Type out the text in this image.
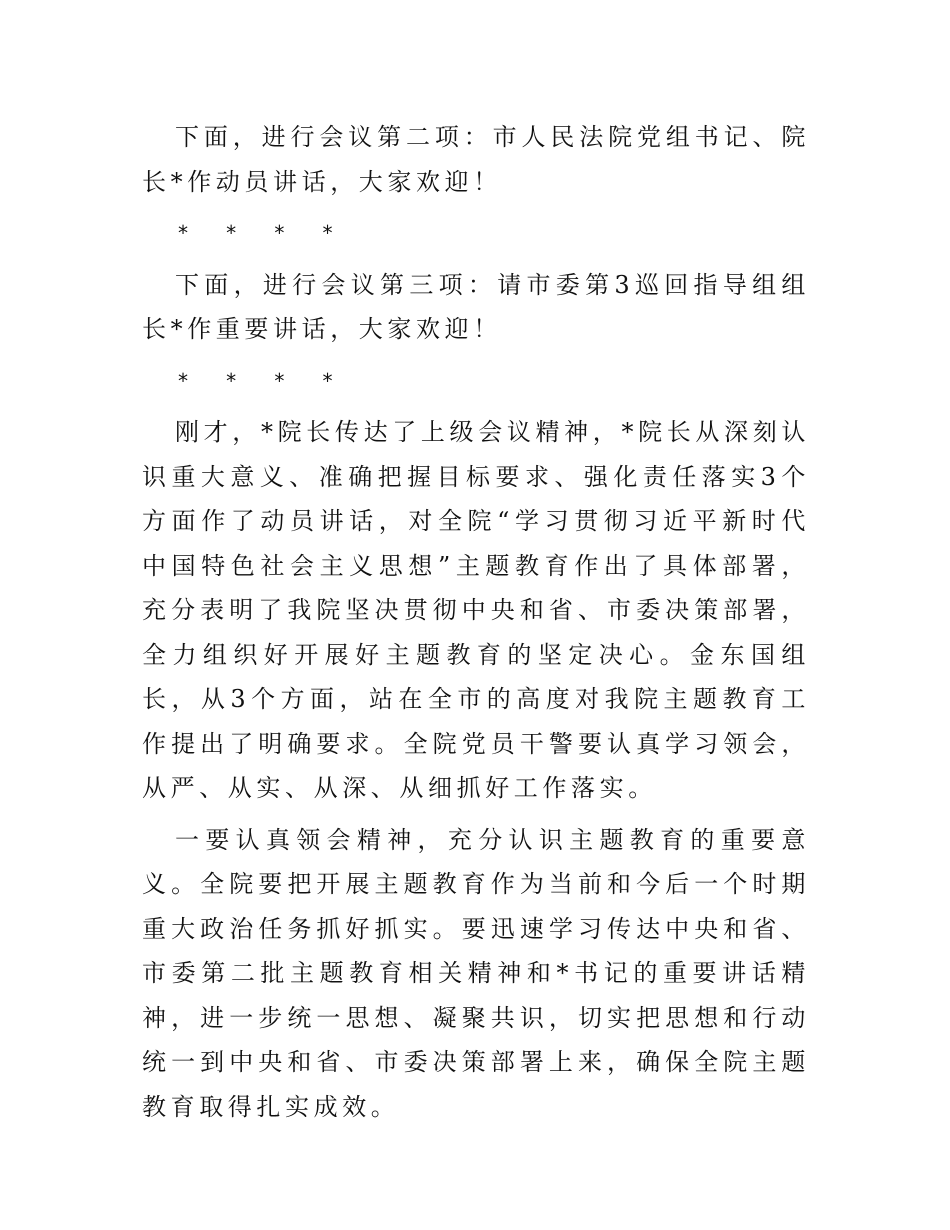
下面，进行会议第二项：市人民法院党组书记、院长*作动员讲话，大家欢迎！

*   *   *   *

下面，进行会议第三项：请市委第3巡回指导组组长*作重要讲话，大家欢迎！

*   *   *   *

刚才，*院长传达了上级会议精神，*院长从深刻认识重大意义、准确把握目标要求、强化责任落实3个方面作了动员讲话，对全院“学习贯彻习近平新时代中国特色社会主义思想”主题教育作出了具体部署，充分表明了我院坚决贯彻中央和省、市委决策部署，全力组织好开展好主题教育的坚定决心。金东国组长，从3个方面，站在全市的高度对我院主题教育工作提出了明确要求。全院党员干警要认真学习领会，从严、从实、从深、从细抓好工作落实。

一要认真领会精神，充分认识主题教育的重要意义。全院要把开展主题教育作为当前和今后一个时期重大政治任务抓好抓实。要迅速学习传达中央和省、市委第二批主题教育相关精神和*书记的重要讲话精神，进一步统一思想、凝聚共识，切实把思想和行动统一到中央和省、市委决策部署上来，确保全院主题教育取得扎实成效。
